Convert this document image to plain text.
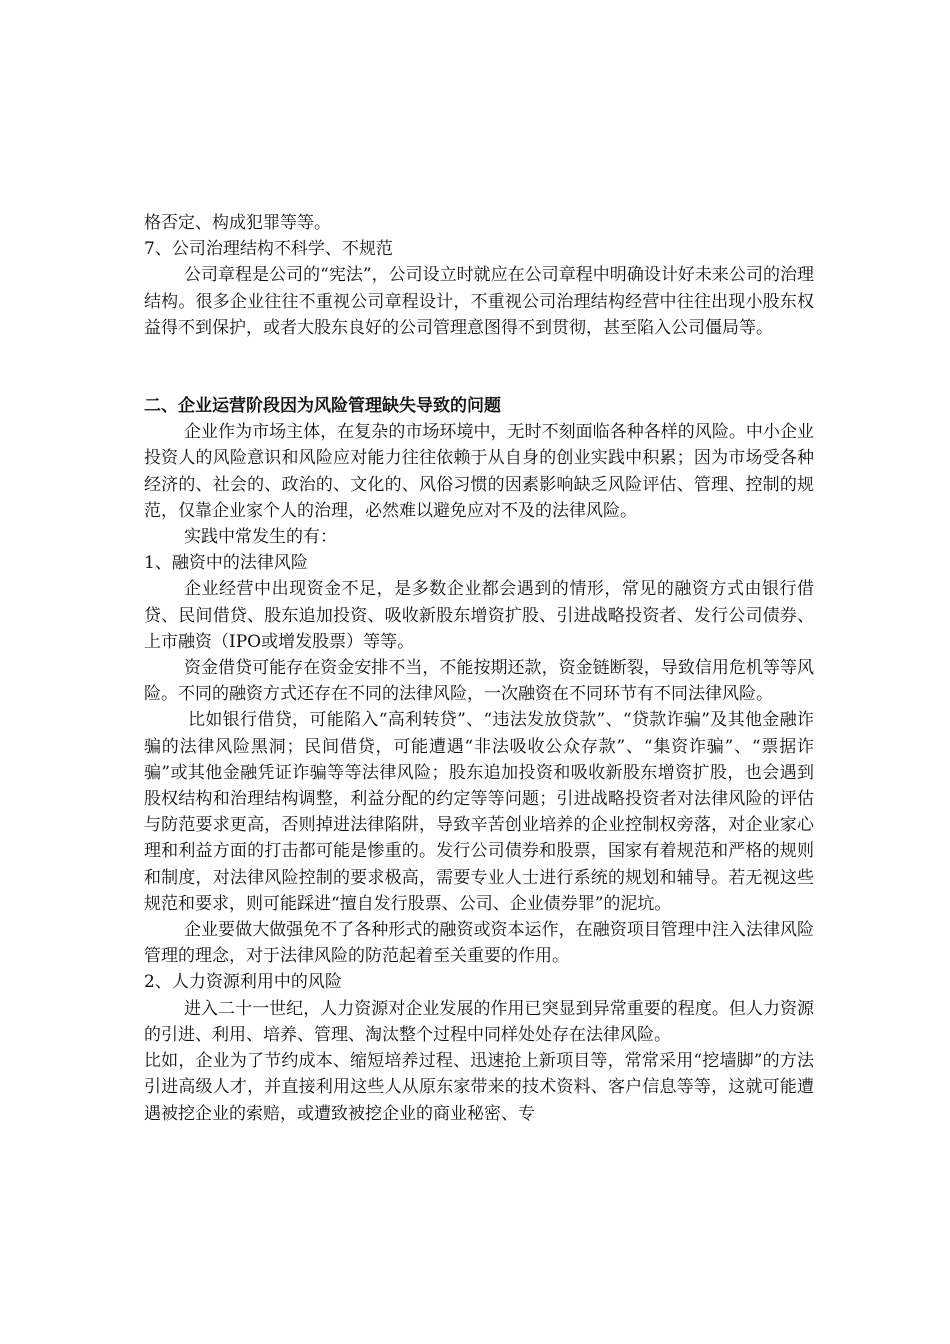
格否定、构成犯罪等等。

7、公司治理结构不科学、不规范

公司章程是公司的“宪法”，公司设立时就应在公司章程中明确设计好未来公司的治理结构。很多企业往往不重视公司章程设计，不重视公司治理结构经营中往往出现小股东权益得不到保护，或者大股东良好的公司管理意图得不到贯彻，甚至陷入公司僵局等。

二、企业运营阶段因为风险管理缺失导致的问题

企业作为市场主体，在复杂的市场环境中，无时不刻面临各种各样的风险。中小企业投资人的风险意识和风险应对能力往往依赖于从自身的创业实践中积累；因为市场受各种经济的、社会的、政治的、文化的、风俗习惯的因素影响缺乏风险评估、管理、控制的规范，仅靠企业家个人的治理，必然难以避免应对不及的法律风险。

实践中常发生的有：

1、融资中的法律风险

企业经营中出现资金不足，是多数企业都会遇到的情形，常见的融资方式由银行借贷、民间借贷、股东追加投资、吸收新股东增资扩股、引进战略投资者、发行公司债券、上市融资（IPO或增发股票）等等。

资金借贷可能存在资金安排不当，不能按期还款，资金链断裂，导致信用危机等等风险。不同的融资方式还存在不同的法律风险，一次融资在不同环节有不同法律风险。

比如银行借贷，可能陷入“高利转贷”、“违法发放贷款”、“贷款诈骗”及其他金融诈骗的法律风险黑洞；民间借贷，可能遭遇“非法吸收公众存款”、“集资诈骗”、“票据诈骗”或其他金融凭证诈骗等等法律风险；股东追加投资和吸收新股东增资扩股，也会遇到股权结构和治理结构调整，利益分配的约定等等问题；引进战略投资者对法律风险的评估与防范要求更高，否则掉进法律陷阱，导致辛苦创业培养的企业控制权旁落，对企业家心理和利益方面的打击都可能是惨重的。发行公司债券和股票，国家有着规范和严格的规则和制度，对法律风险控制的要求极高，需要专业人士进行系统的规划和辅导。若无视这些规范和要求，则可能踩进“擅自发行股票、公司、企业债券罪”的泥坑。

企业要做大做强免不了各种形式的融资或资本运作，在融资项目管理中注入法律风险管理的理念，对于法律风险的防范起着至关重要的作用。

2、人力资源利用中的风险

进入二十一世纪，人力资源对企业发展的作用已突显到异常重要的程度。但人力资源的引进、利用、培养、管理、淘汰整个过程中同样处处存在法律风险。

比如，企业为了节约成本、缩短培养过程、迅速抢上新项目等，常常采用“挖墙脚”的方法引进高级人才，并直接利用这些人从原东家带来的技术资料、客户信息等等，这就可能遭遇被挖企业的索赔，或遭致被挖企业的商业秘密、专
